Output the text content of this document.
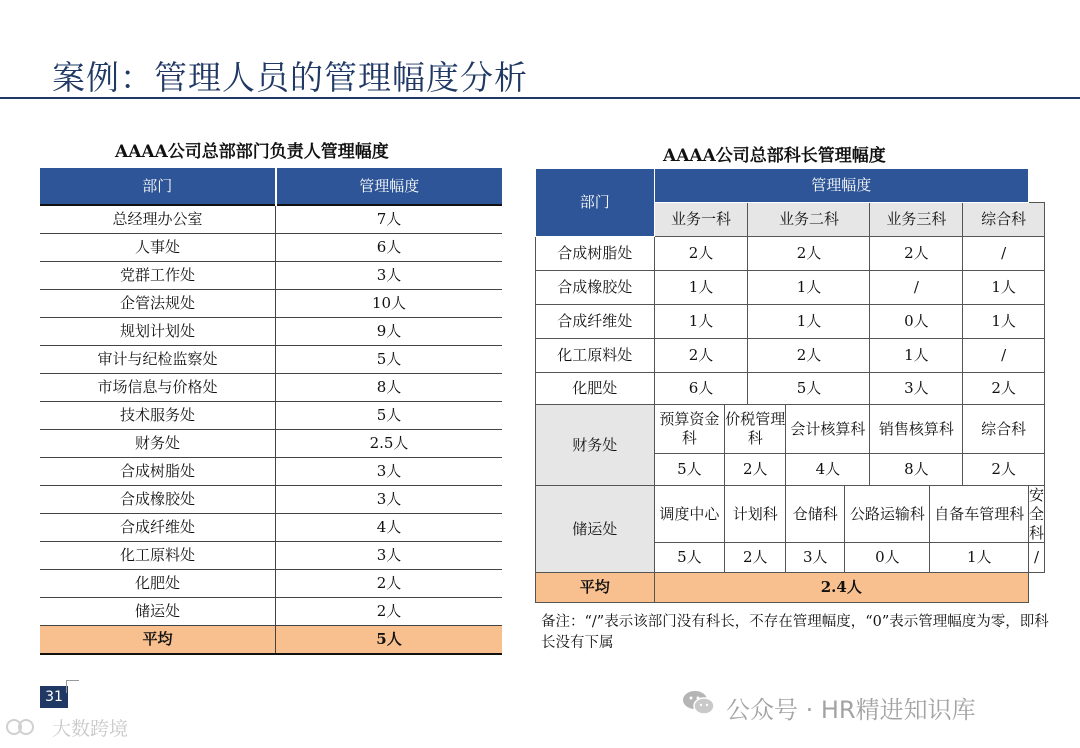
案例：管理人员的管理幅度分析
AAAA公司总部部门负责人管理幅度
部门	管理幅度
总经理办公室	7人
人事处	6人
党群工作处	3人
企管法规处	10人
规划计划处	9人
审计与纪检监察处	5人
市场信息与价格处	8人
技术服务处	5人
财务处	2.5人
合成树脂处	3人
合成橡胶处	3人
合成纤维处	4人
化工原料处	3人
化肥处	2人
储运处	2人
平均	5人
AAAA公司总部科长管理幅度
部门	管理幅度								
	业务一科		业务二科			业务三科		综合科	
合成树脂处	2人		2人			2人		/	
合成橡胶处	1人		1人			/		1人	
合成纤维处	1人		1人			0人		1人	
化工原料处	2人		2人			1人		/	
化肥处	6人		5人			3人		2人	
财务处	预算资金科	价税管理科		会计核算科		销售核算科		综合科	
	5人	2人		4人		8人		2人	
储运处	调度中心	计划科		仓储科	公路运输科		自备车管理科		安全科
	5人	2人		3人	0人		1人		/
平均	2.4人								
备注：“/”表示该部门没有科长，不存在管理幅度，“0”表示管理幅度为零，即科长没有下属
31	公众号 · HR精进知识库
大数跨境
